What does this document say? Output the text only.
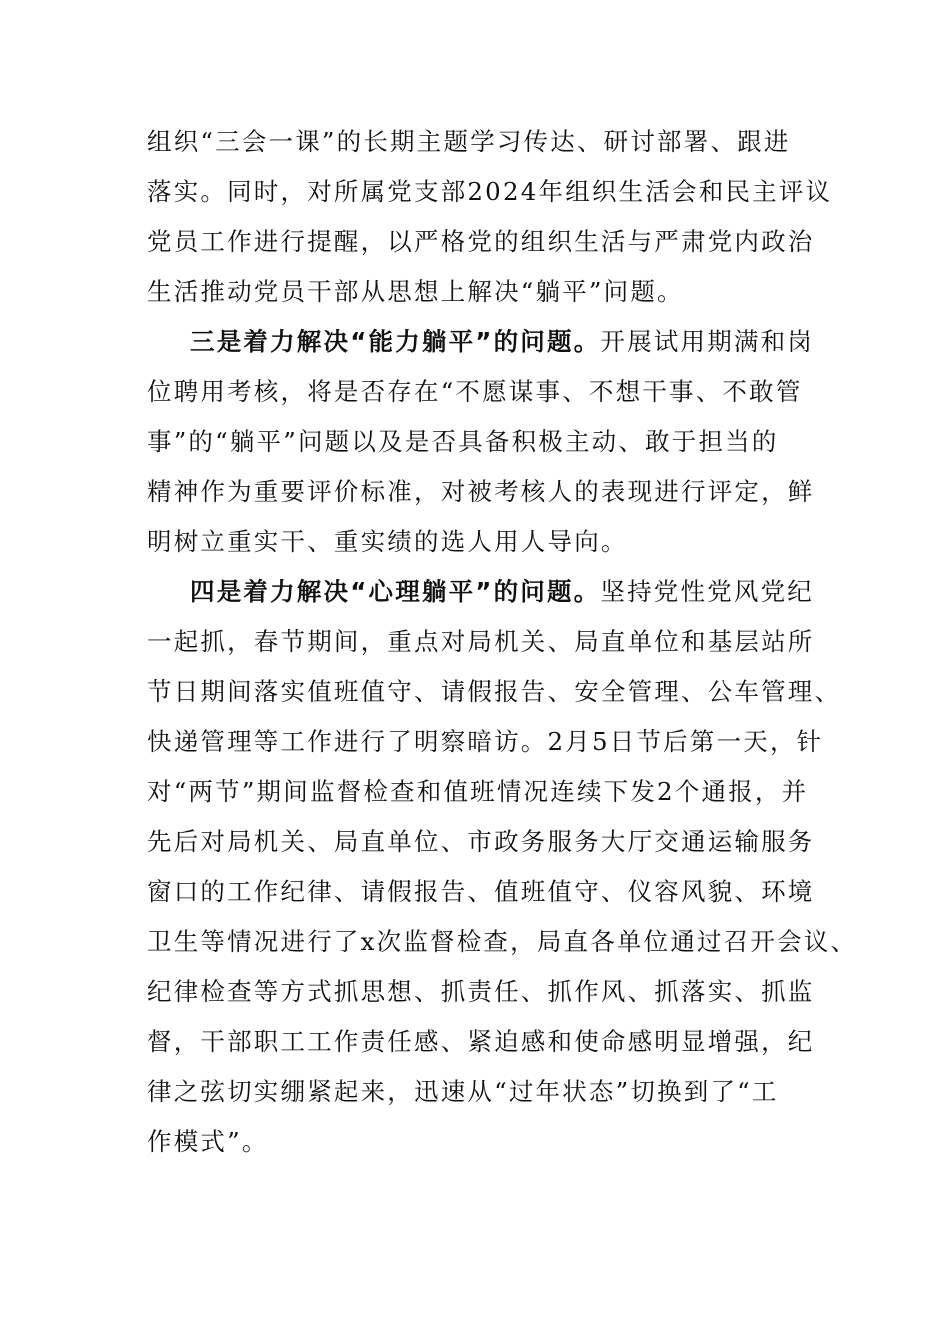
组织“三会一课”的长期主题学习传达、研讨部署、跟进
落实。同时，对所属党支部2024年组织生活会和民主评议
党员工作进行提醒，以严格党的组织生活与严肃党内政治
生活推动党员干部从思想上解决“躺平”问题。
三是着力解决“能力躺平”的问题。开展试用期满和岗
位聘用考核，将是否存在“不愿谋事、不想干事、不敢管
事”的“躺平”问题以及是否具备积极主动、敢于担当的
精神作为重要评价标准，对被考核人的表现进行评定，鲜
明树立重实干、重实绩的选人用人导向。
四是着力解决“心理躺平”的问题。坚持党性党风党纪
一起抓，春节期间，重点对局机关、局直单位和基层站所
节日期间落实值班值守、请假报告、安全管理、公车管理、
快递管理等工作进行了明察暗访。2月5日节后第一天，针
对“两节”期间监督检查和值班情况连续下发2个通报，并
先后对局机关、局直单位、市政务服务大厅交通运输服务
窗口的工作纪律、请假报告、值班值守、仪容风貌、环境
卫生等情况进行了x次监督检查，局直各单位通过召开会议、
纪律检查等方式抓思想、抓责任、抓作风、抓落实、抓监
督，干部职工工作责任感、紧迫感和使命感明显增强，纪
律之弦切实绷紧起来，迅速从“过年状态”切换到了“工
作模式”。
